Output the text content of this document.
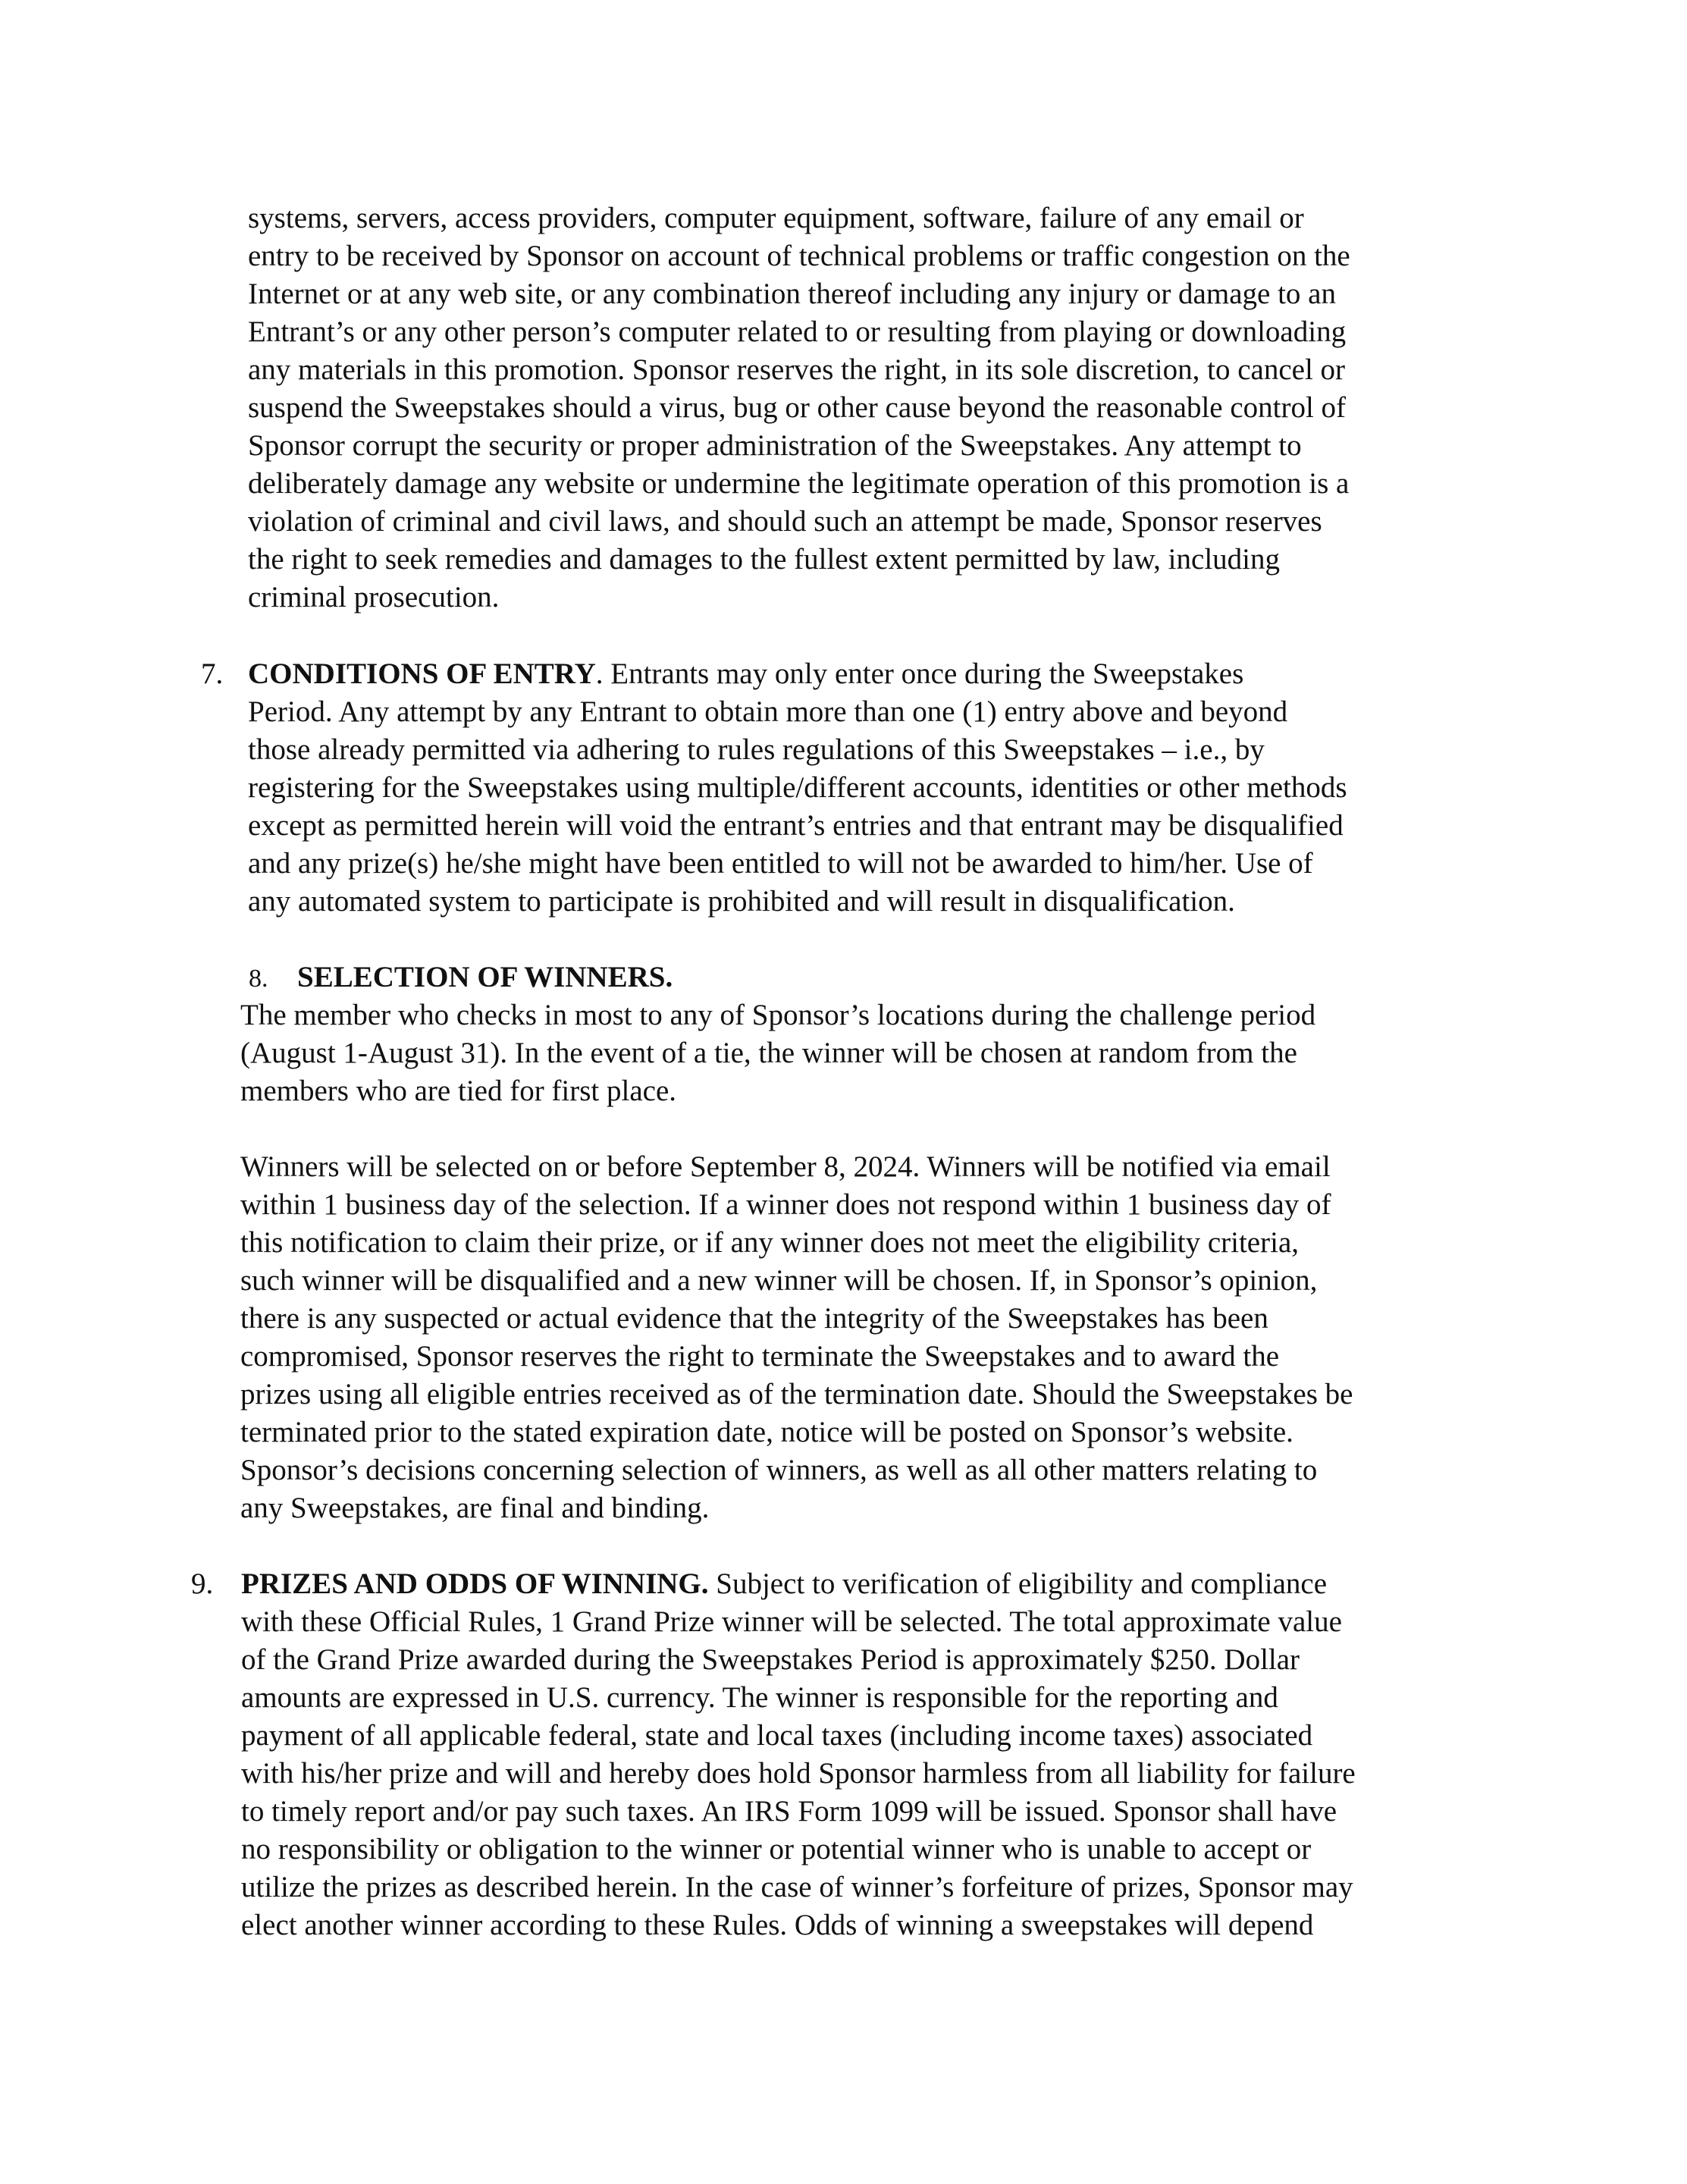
systems, servers, access providers, computer equipment, software, failure of any email or
entry to be received by Sponsor on account of technical problems or traffic congestion on the
Internet or at any web site, or any combination thereof including any injury or damage to an
Entrant’s or any other person’s computer related to or resulting from playing or downloading
any materials in this promotion. Sponsor reserves the right, in its sole discretion, to cancel or
suspend the Sweepstakes should a virus, bug or other cause beyond the reasonable control of
Sponsor corrupt the security or proper administration of the Sweepstakes. Any attempt to
deliberately damage any website or undermine the legitimate operation of this promotion is a
violation of criminal and civil laws, and should such an attempt be made, Sponsor reserves
the right to seek remedies and damages to the fullest extent permitted by law, including
criminal prosecution.
7. CONDITIONS OF ENTRY. Entrants may only enter once during the Sweepstakes
Period. Any attempt by any Entrant to obtain more than one (1) entry above and beyond
those already permitted via adhering to rules regulations of this Sweepstakes – i.e., by
registering for the Sweepstakes using multiple/different accounts, identities or other methods
except as permitted herein will void the entrant’s entries and that entrant may be disqualified
and any prize(s) he/she might have been entitled to will not be awarded to him/her. Use of
any automated system to participate is prohibited and will result in disqualification.
8. SELECTION OF WINNERS.
The member who checks in most to any of Sponsor’s locations during the challenge period
(August 1-August 31). In the event of a tie, the winner will be chosen at random from the
members who are tied for first place.
Winners will be selected on or before September 8, 2024. Winners will be notified via email
within 1 business day of the selection. If a winner does not respond within 1 business day of
this notification to claim their prize, or if any winner does not meet the eligibility criteria,
such winner will be disqualified and a new winner will be chosen. If, in Sponsor’s opinion,
there is any suspected or actual evidence that the integrity of the Sweepstakes has been
compromised, Sponsor reserves the right to terminate the Sweepstakes and to award the
prizes using all eligible entries received as of the termination date. Should the Sweepstakes be
terminated prior to the stated expiration date, notice will be posted on Sponsor’s website.
Sponsor’s decisions concerning selection of winners, as well as all other matters relating to
any Sweepstakes, are final and binding.
9. PRIZES AND ODDS OF WINNING. Subject to verification of eligibility and compliance
with these Official Rules, 1 Grand Prize winner will be selected. The total approximate value
of the Grand Prize awarded during the Sweepstakes Period is approximately $250. Dollar
amounts are expressed in U.S. currency. The winner is responsible for the reporting and
payment of all applicable federal, state and local taxes (including income taxes) associated
with his/her prize and will and hereby does hold Sponsor harmless from all liability for failure
to timely report and/or pay such taxes. An IRS Form 1099 will be issued. Sponsor shall have
no responsibility or obligation to the winner or potential winner who is unable to accept or
utilize the prizes as described herein. In the case of winner’s forfeiture of prizes, Sponsor may
elect another winner according to these Rules. Odds of winning a sweepstakes will depend
